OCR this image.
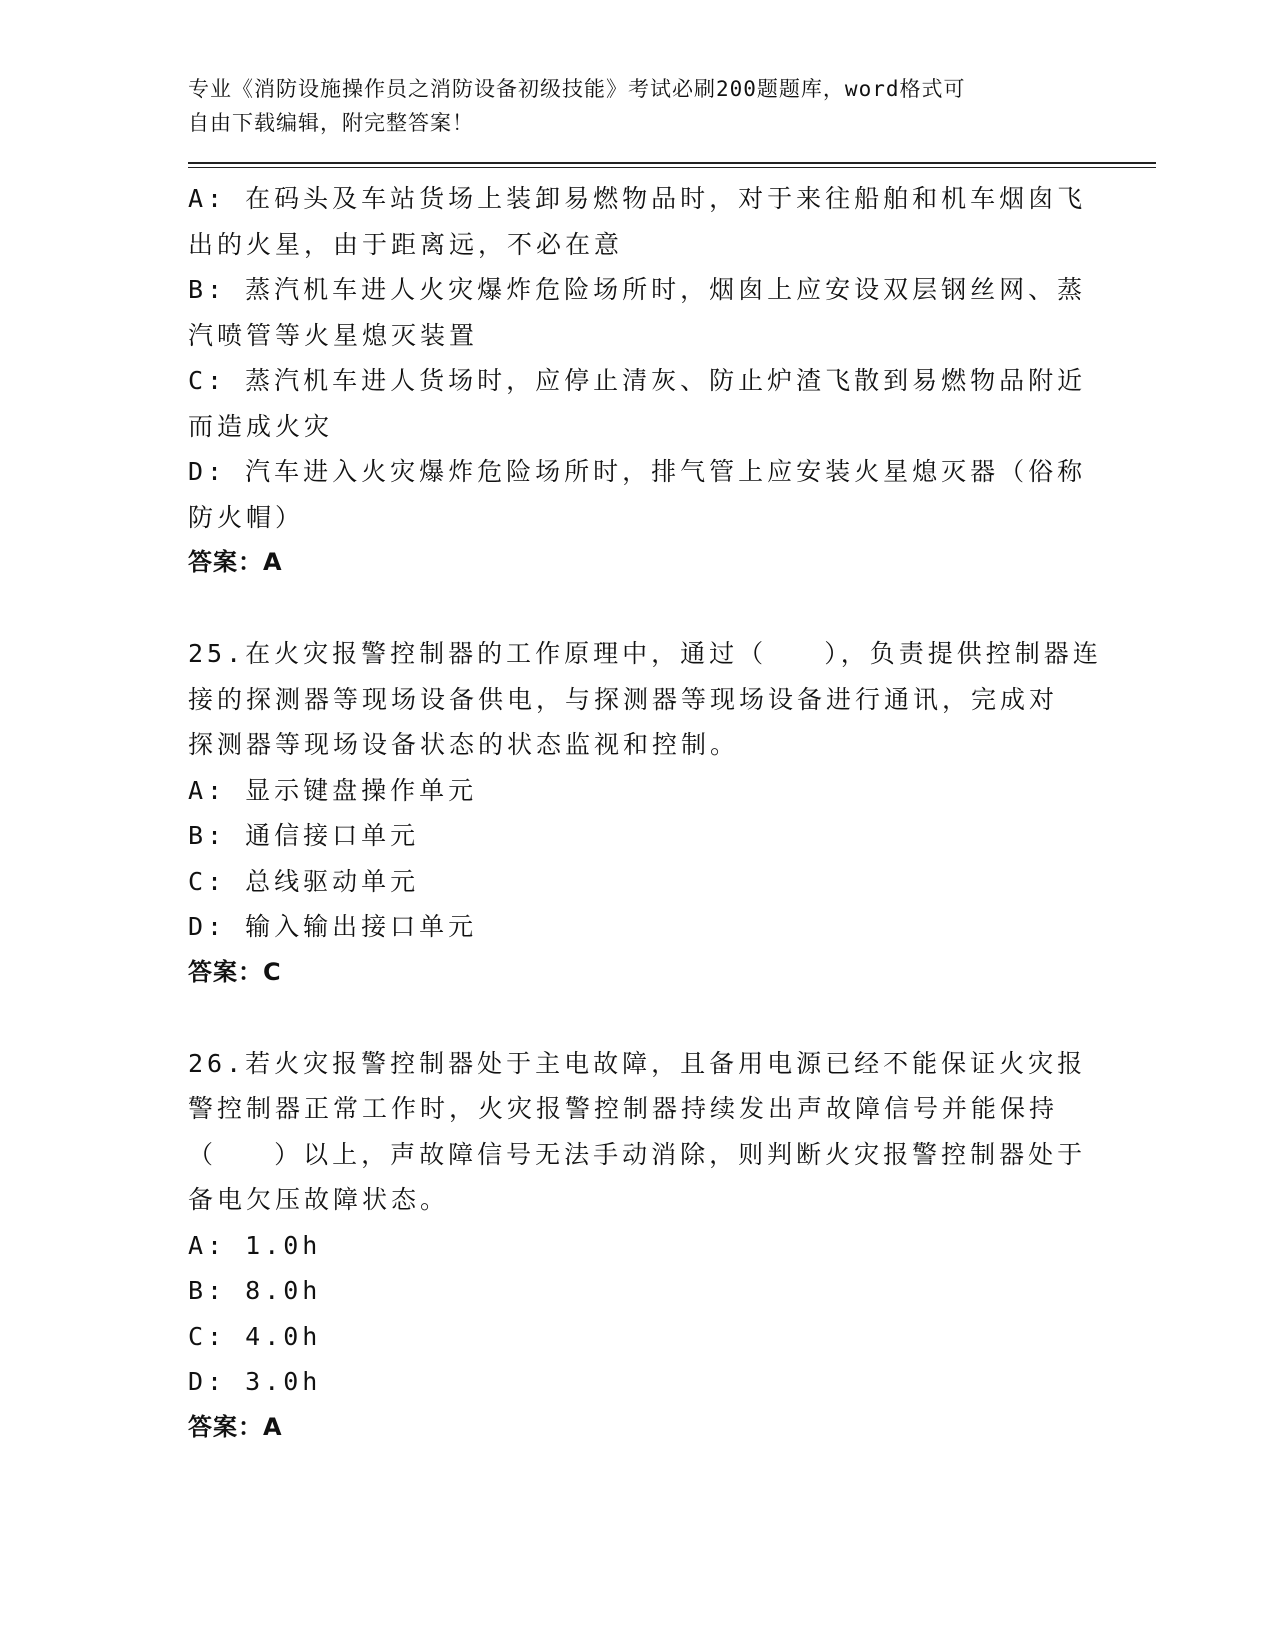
专业《消防设施操作员之消防设备初级技能》考试必刷200题题库，word格式可
自由下载编辑，附完整答案！
A: 在码头及车站货场上装卸易燃物品时，对于来往船舶和机车烟囱飞
出的火星，由于距离远，不必在意
B: 蒸汽机车进人火灾爆炸危险场所时，烟囱上应安设双层钢丝网、蒸
汽喷管等火星熄灭装置
C: 蒸汽机车进人货场时，应停止清灰、防止炉渣飞散到易燃物品附近
而造成火灾
D: 汽车进入火灾爆炸危险场所时，排气管上应安装火星熄灭器（俗称
防火帽）
答案：A
25.在火灾报警控制器的工作原理中，通过（   ），负责提供控制器连
接的探测器等现场设备供电，与探测器等现场设备进行通讯，完成对
探测器等现场设备状态的状态监视和控制。
A: 显示键盘操作单元
B: 通信接口单元
C: 总线驱动单元
D: 输入输出接口单元
答案：C
26.若火灾报警控制器处于主电故障，且备用电源已经不能保证火灾报
警控制器正常工作时，火灾报警控制器持续发出声故障信号并能保持
（   ）以上，声故障信号无法手动消除，则判断火灾报警控制器处于
备电欠压故障状态。
A: 1.0h
B: 8.0h
C: 4.0h
D: 3.0h
答案：A
